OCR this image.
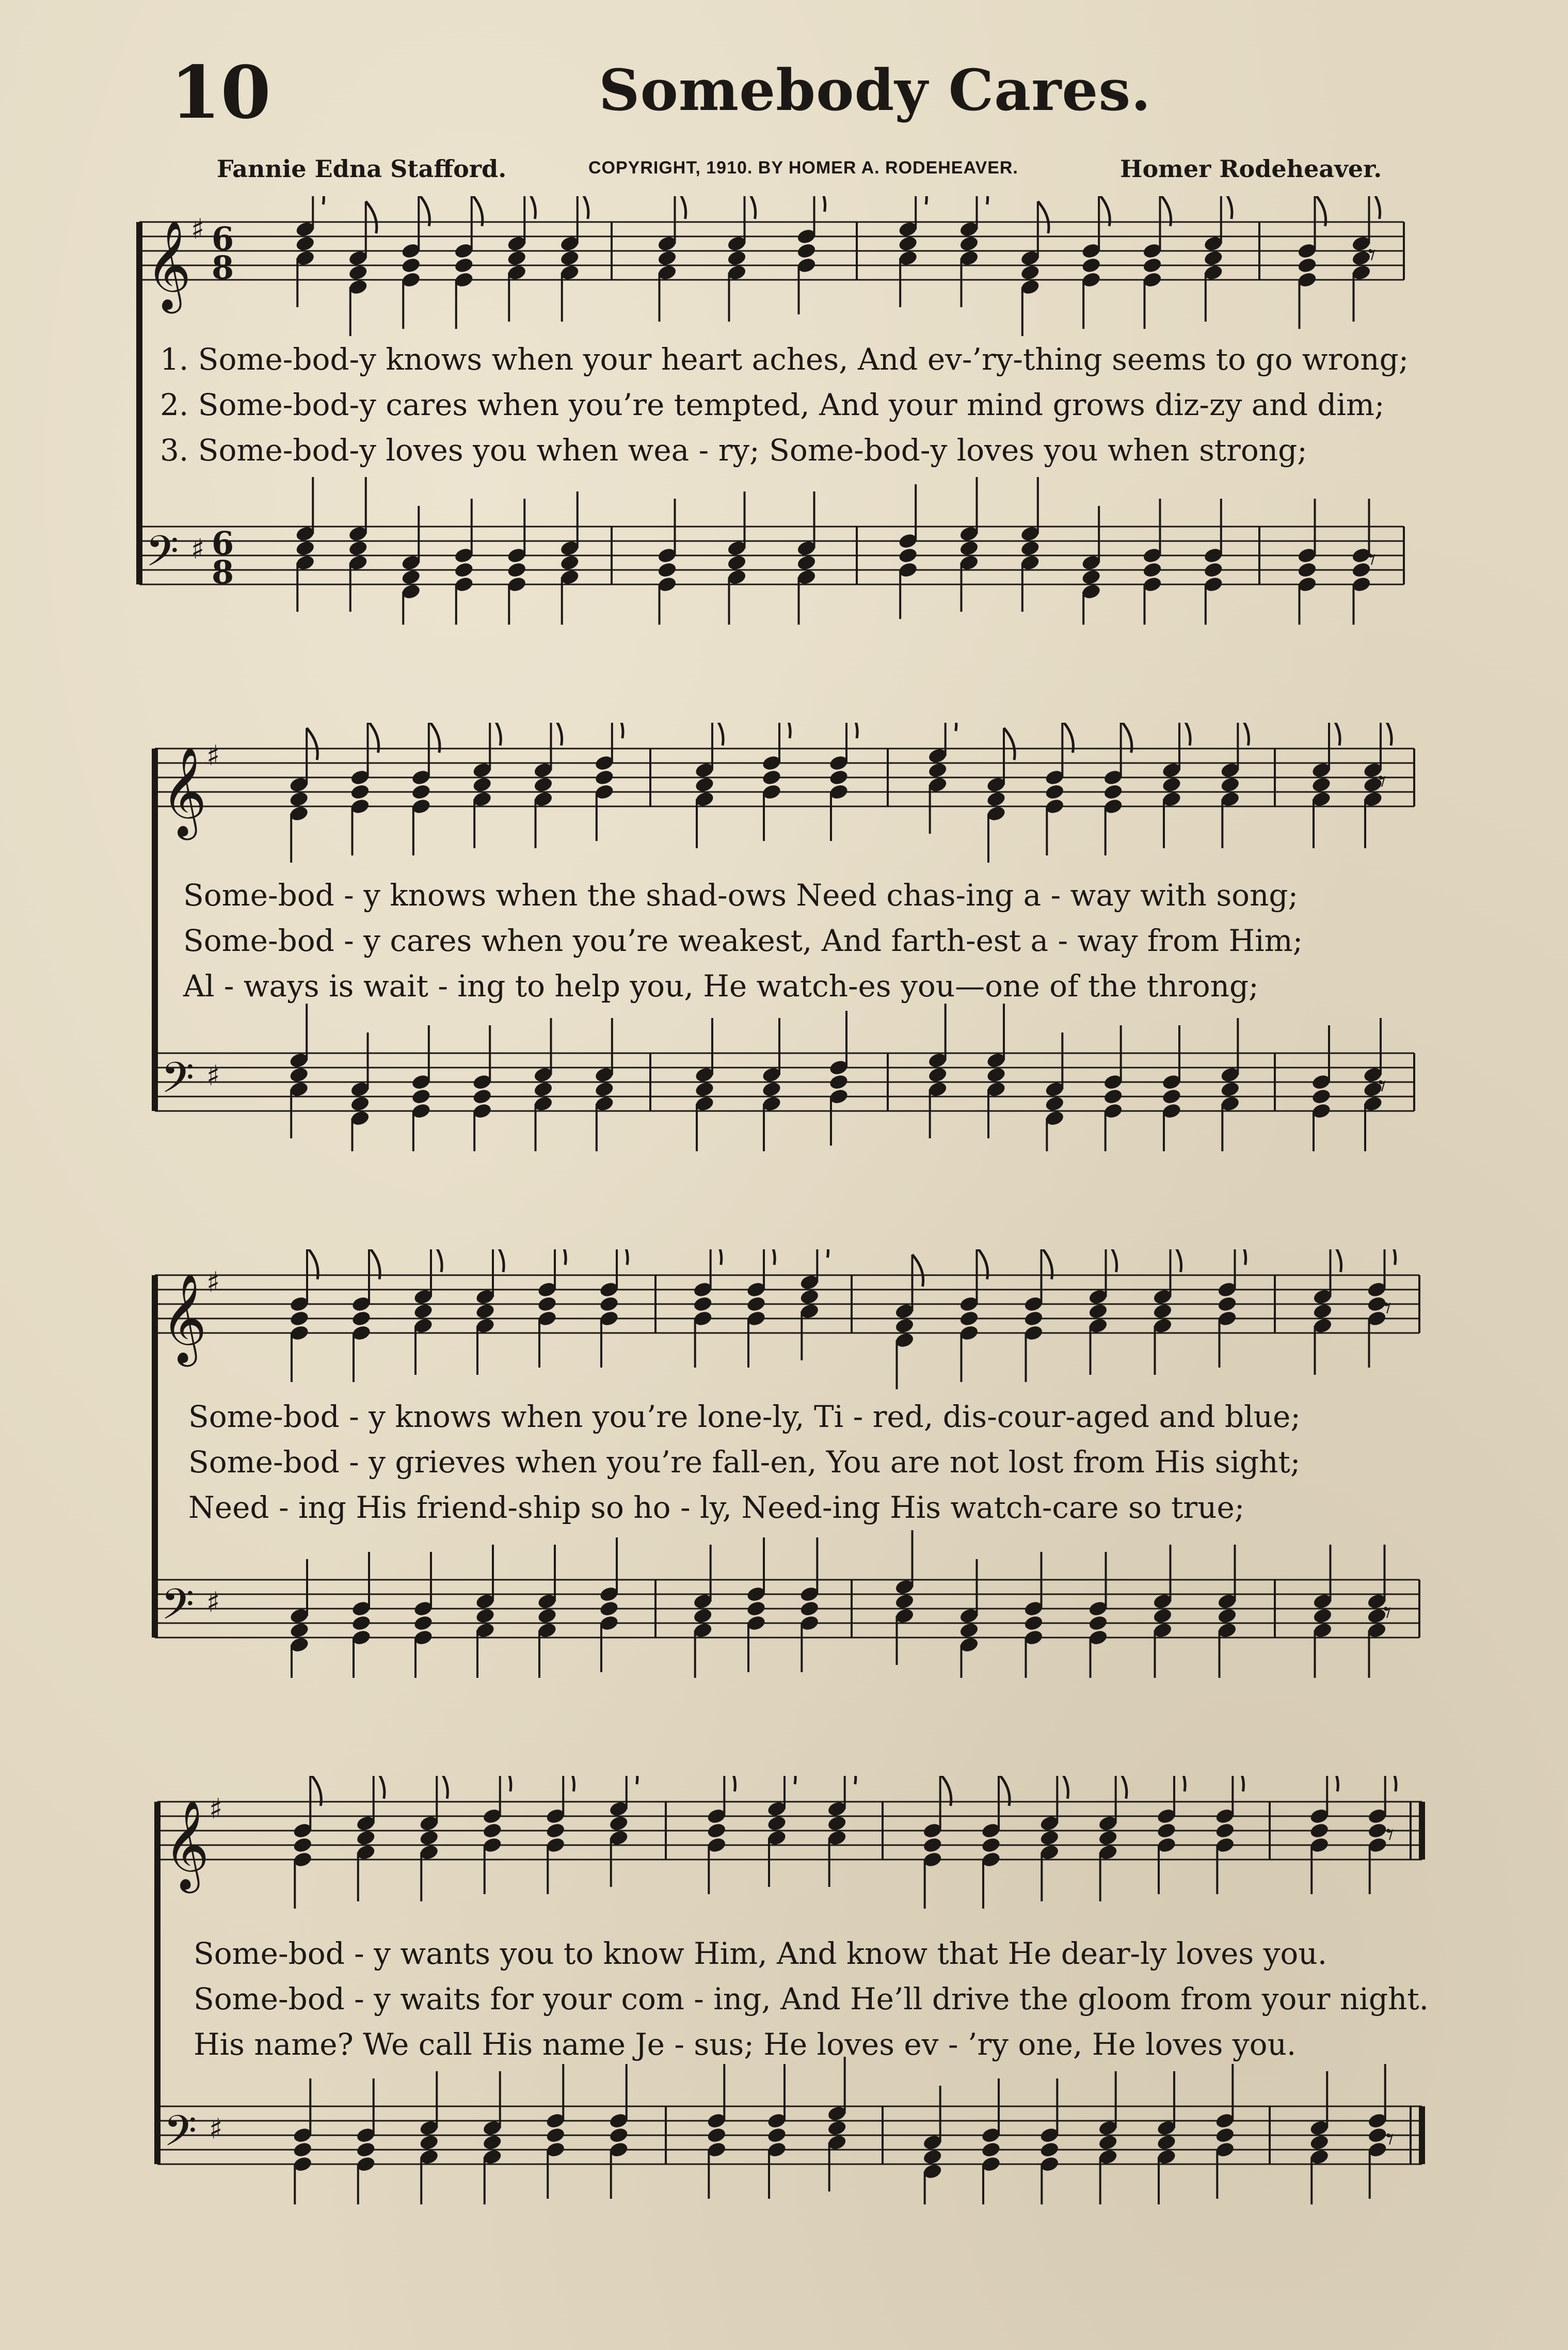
10	Somebody Cares.
Fannie Edna Stafford.	COPYRIGHT, 1910. BY HOMER A. RODEHEAVER.	Homer Rodeheaver.
𝄞 ♯ 6
8	𝄾
𝄢 ♯ 6
8	𝄾
1. Some-bod-y knows when your heart aches, And ev-’ry-thing seems to go wrong;
2. Some-bod-y cares when you’re tempted, And your mind grows diz-zy and dim;
3. Some-bod-y loves you when wea - ry; Some-bod-y loves you when strong;
𝄞 ♯
𝄾
𝄢 ♯	𝄾
Some-bod - y knows when the shad-ows Need chas-ing a - way with song;
Some-bod - y cares when you’re weakest, And farth-est a - way from Him;
Al - ways is wait - ing to help you, He watch-es you—one of the throng;
𝄞 ♯
𝄾
𝄢 ♯	𝄾
Some-bod - y knows when you’re lone-ly, Ti - red, dis-cour-aged and blue;
Some-bod - y grieves when you’re fall-en, You are not lost from His sight;
Need - ing His friend-ship so ho - ly, Need-ing His watch-care so true;
𝄞 ♯
𝄾
𝄢 ♯	𝄾
Some-bod - y wants you to know Him, And know that He dear-ly loves you.
Some-bod - y waits for your com - ing, And He’ll drive the gloom from your night.
His name? We call His name Je - sus; He loves ev - ’ry one, He loves you.
